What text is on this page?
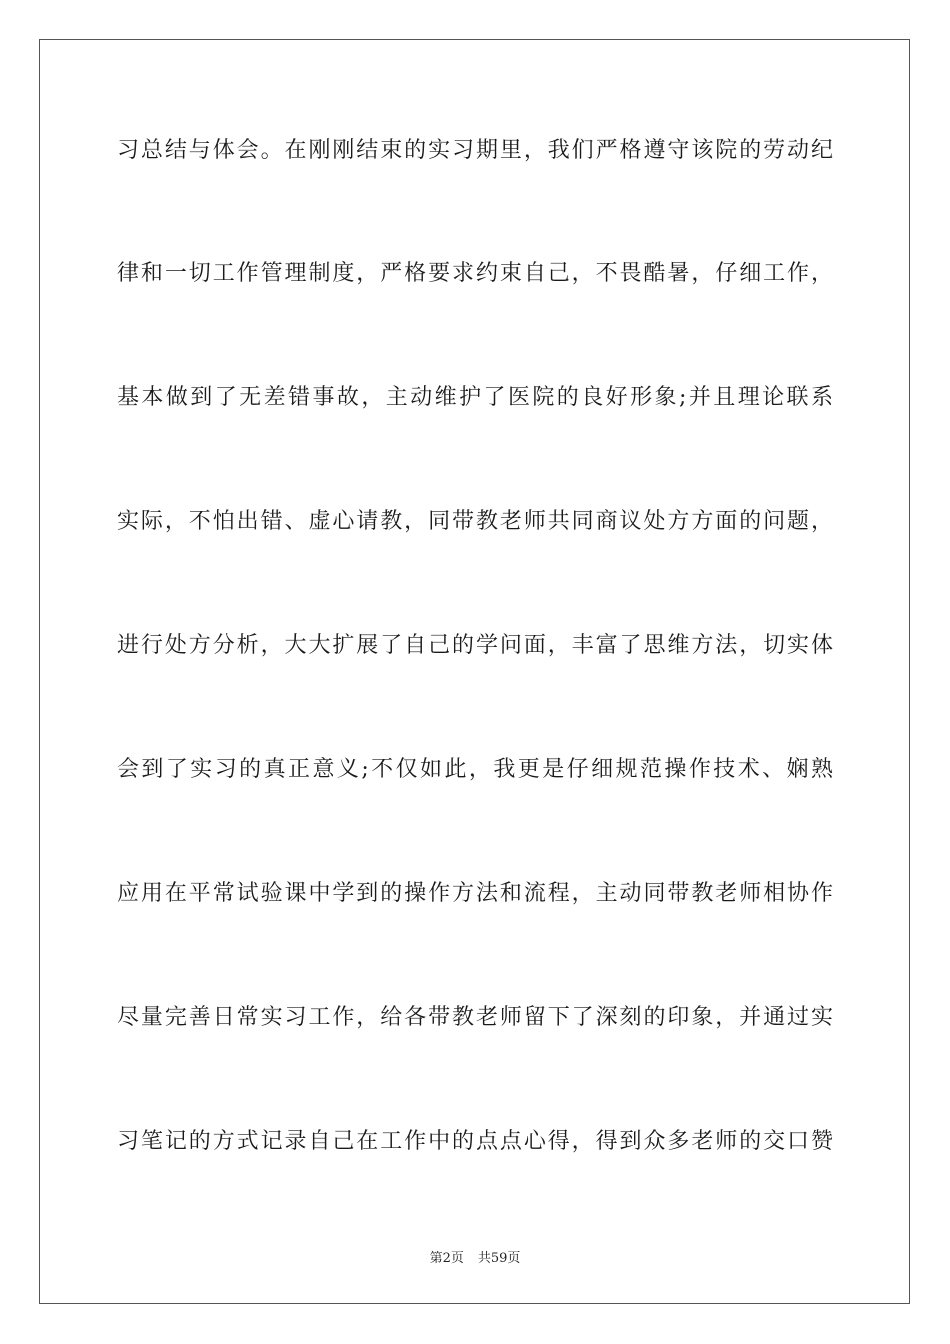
习总结与体会。在刚刚结束的实习期里，我们严格遵守该院的劳动纪
律和一切工作管理制度，严格要求约束自己，不畏酷暑，仔细工作，
基本做到了无差错事故，主动维护了医院的良好形象;并且理论联系
实际，不怕出错、虚心请教，同带教老师共同商议处方方面的问题，
进行处方分析，大大扩展了自己的学问面，丰富了思维方法，切实体
会到了实习的真正意义;不仅如此，我更是仔细规范操作技术、娴熟
应用在平常试验课中学到的操作方法和流程，主动同带教老师相协作
尽量完善日常实习工作，给各带教老师留下了深刻的印象，并通过实
习笔记的方式记录自己在工作中的点点心得，得到众多老师的交口赞
第2页 共59页
